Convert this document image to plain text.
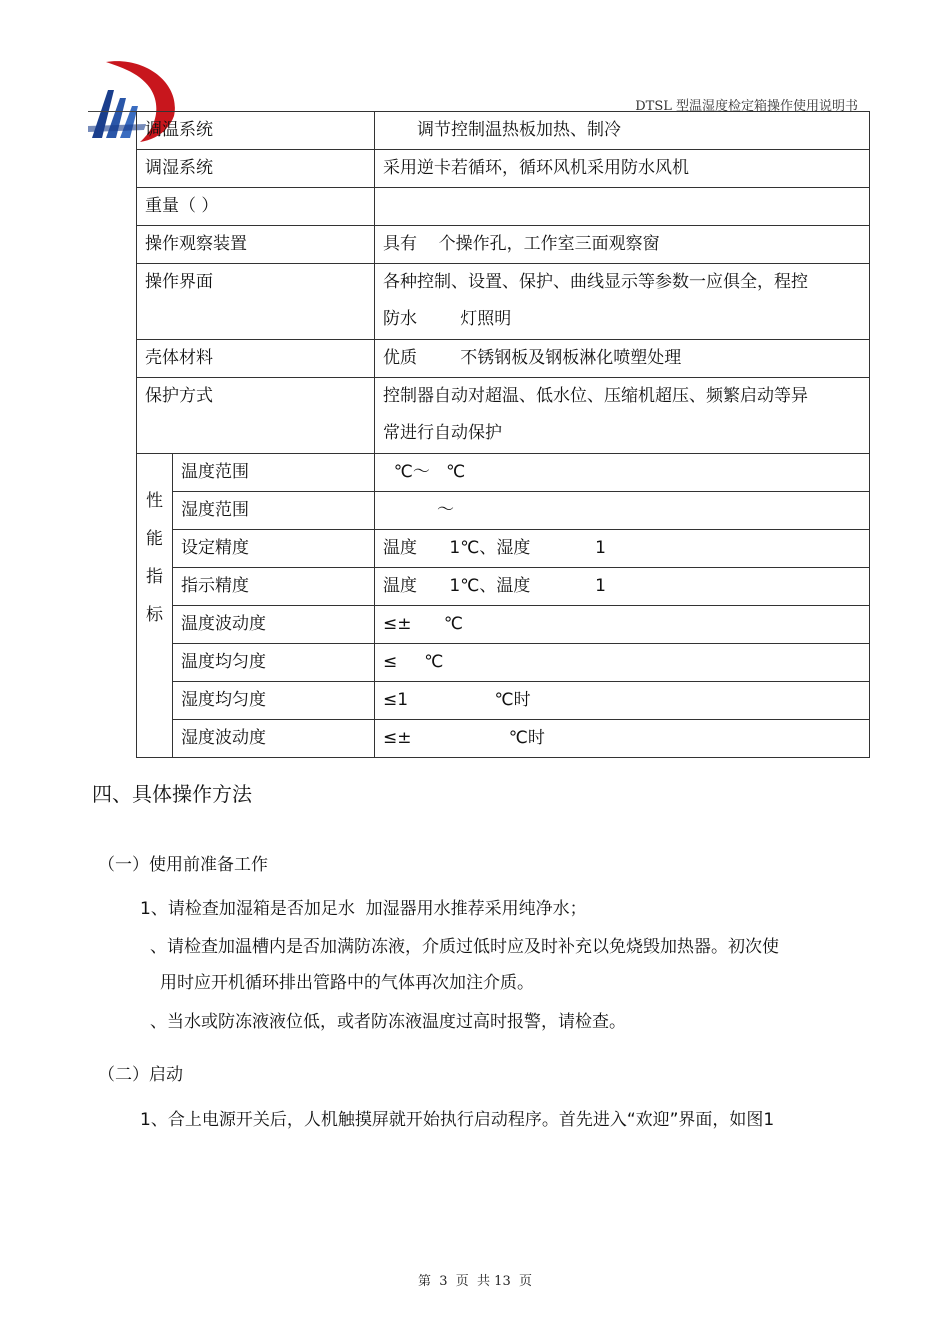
DTSL 型温湿度检定箱操作使用说明书
调温系统		调节控制温热板加热、制冷
调湿系统		采用逆卡若循环，循环风机采用防水风机
重量（ ）		
操作观察装置		具有    个操作孔，工作室三面观察窗
操作界面		各种控制、设置、保护、曲线显示等参数一应俱全，程控
防水        灯照明

壳体材料		优质        不锈钢板及钢板淋化喷塑处理
保护方式		控制器自动对超温、低水位、压缩机超压、频繁启动等异
常进行自动保护

性
能
指
标	温度范围	℃～   ℃
	湿度范围	～
	设定精度	温度      1℃、湿度            1
	指示精度	温度      1℃、温度            1
	温度波动度	≤±      ℃
	温度均匀度	≤     ℃
	湿度均匀度	≤1                ℃时
	湿度波动度	≤±                  ℃时
四、具体操作方法
（一）使用前准备工作
1、请检查加湿箱是否加足水  加湿器用水推荐采用纯净水；
、请检查加温槽内是否加满防冻液，介质过低时应及时补充以免烧毁加热器。初次使
用时应开机循环排出管路中的气体再次加注介质。
、当水或防冻液液位低，或者防冻液温度过高时报警，请检查。
（二）启动
1、合上电源开关后，人机触摸屏就开始执行启动程序。首先进入“欢迎”界面，如图1
第  3  页  共 13  页
